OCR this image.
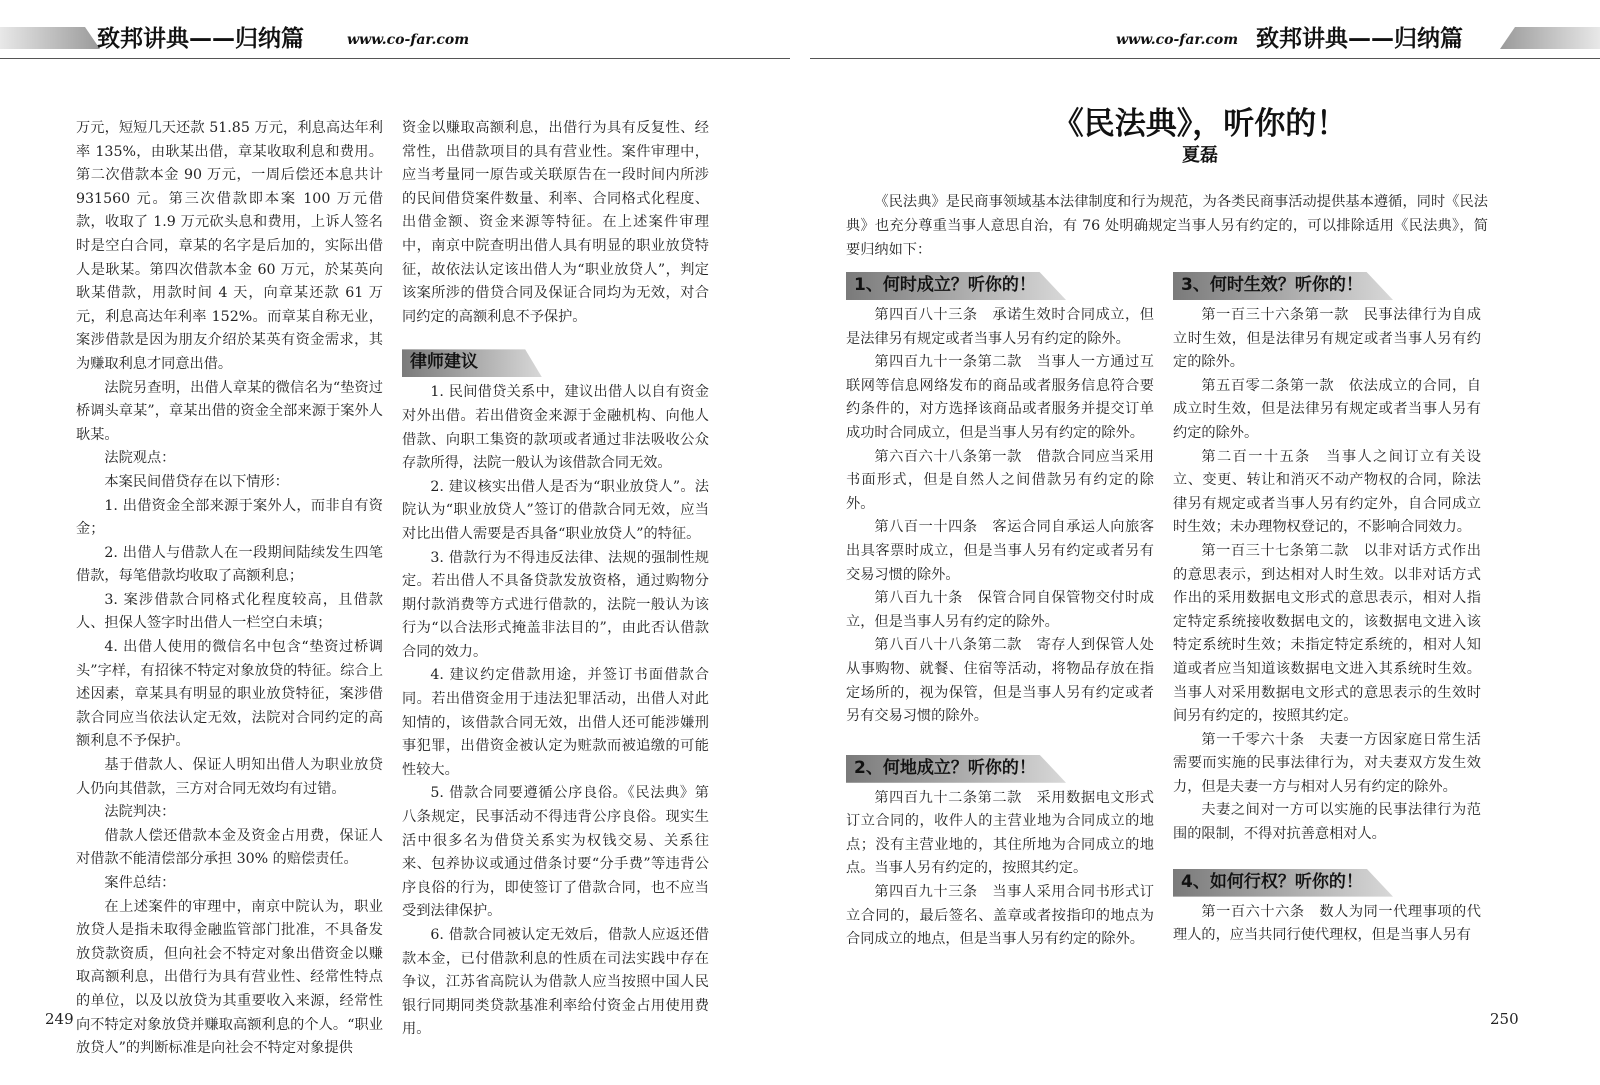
致邦讲典——归纳篇	www.co-far.com

万元，短短几天还款 51.85 万元，利息高达年利率 135%，由耿某出借，章某收取利息和费用。第二次借款本金 90 万元，一周后偿还本息共计 931560 元。第三次借款即本案 100 万元借款，收取了 1.9 万元砍头息和费用，上诉人签名时是空白合同，章某的名字是后加的，实际出借人是耿某。第四次借款本金 60 万元，於某英向耿某借款，用款时间 4 天，向章某还款 61 万元，利息高达年利率 152%。而章某自称无业，案涉借款是因为朋友介绍於某英有资金需求，其为赚取利息才同意出借。

法院另查明，出借人章某的微信名为“垫资过桥调头章某”，章某出借的资金全部来源于案外人耿某。

法院观点：

本案民间借贷存在以下情形：

1. 出借资金全部来源于案外人，而非自有资金；

2. 出借人与借款人在一段期间陆续发生四笔借款，每笔借款均收取了高额利息；

3. 案涉借款合同格式化程度较高，且借款人、担保人签字时出借人一栏空白未填；

4. 出借人使用的微信名中包含“垫资过桥调头”字样，有招徕不特定对象放贷的特征。综合上述因素，章某具有明显的职业放贷特征，案涉借款合同应当依法认定无效，法院对合同约定的高额利息不予保护。

基于借款人、保证人明知出借人为职业放贷人仍向其借款，三方对合同无效均有过错。

法院判决：

借款人偿还借款本金及资金占用费，保证人对借款不能清偿部分承担 30% 的赔偿责任。

案件总结：

在上述案件的审理中，南京中院认为，职业放贷人是指未取得金融监管部门批准，不具备发放贷款资质，但向社会不特定对象出借资金以赚取高额利息，出借行为具有营业性、经常性特点的单位，以及以放贷为其重要收入来源，经常性向不特定对象放贷并赚取高额利息的个人。“职业放贷人”的判断标准是向社会不特定对象提供

资金以赚取高额利息，出借行为具有反复性、经常性，出借款项目的具有营业性。案件审理中，应当考量同一原告或关联原告在一段时间内所涉的民间借贷案件数量、利率、合同格式化程度、出借金额、资金来源等特征。在上述案件审理中，南京中院查明出借人具有明显的职业放贷特征，故依法认定该出借人为“职业放贷人”，判定该案所涉的借贷合同及保证合同均为无效，对合同约定的高额利息不予保护。

律师建议

1. 民间借贷关系中，建议出借人以自有资金对外出借。若出借资金来源于金融机构、向他人借款、向职工集资的款项或者通过非法吸收公众存款所得，法院一般认为该借款合同无效。

2. 建议核实出借人是否为“职业放贷人”。法院认为“职业放贷人”签订的借款合同无效，应当对比出借人需要是否具备“职业放贷人”的特征。

3. 借款行为不得违反法律、法规的强制性规定。若出借人不具备贷款发放资格，通过购物分期付款消费等方式进行借款的，法院一般认为该行为“以合法形式掩盖非法目的”，由此否认借款合同的效力。

4. 建议约定借款用途，并签订书面借款合同。若出借资金用于违法犯罪活动，出借人对此知情的，该借款合同无效，出借人还可能涉嫌刑事犯罪，出借资金被认定为赃款而被追缴的可能性较大。

5. 借款合同要遵循公序良俗。《民法典》第八条规定，民事活动不得违背公序良俗。现实生活中很多名为借贷关系实为权钱交易、关系往来、包养协议或通过借条讨要“分手费”等违背公序良俗的行为，即使签订了借款合同，也不应当受到法律保护。

6. 借款合同被认定无效后，借款人应返还借款本金，已付借款利息的性质在司法实践中存在争议，江苏省高院认为借款人应当按照中国人民银行同期同类贷款基准利率给付资金占用使用费用。

249
www.co-far.com 致邦讲典——归纳篇
《民法典》，听你的！
夏磊

《民法典》是民商事领域基本法律制度和行为规范，为各类民商事活动提供基本遵循，同时《民法典》也充分尊重当事人意思自治，有 76 处明确规定当事人另有约定的，可以排除适用《民法典》，简要归纳如下：

1、何时成立？听你的！

第四百八十三条　承诺生效时合同成立，但是法律另有规定或者当事人另有约定的除外。

第四百九十一条第二款　当事人一方通过互联网等信息网络发布的商品或者服务信息符合要约条件的，对方选择该商品或者服务并提交订单成功时合同成立，但是当事人另有约定的除外。

第六百六十八条第一款　借款合同应当采用书面形式，但是自然人之间借款另有约定的除外。

第八百一十四条　客运合同自承运人向旅客出具客票时成立，但是当事人另有约定或者另有交易习惯的除外。

第八百九十条　保管合同自保管物交付时成立，但是当事人另有约定的除外。

第八百八十八条第二款　寄存人到保管人处从事购物、就餐、住宿等活动，将物品存放在指定场所的，视为保管，但是当事人另有约定或者另有交易习惯的除外。

2、何地成立？听你的！

第四百九十二条第二款　采用数据电文形式订立合同的，收件人的主营业地为合同成立的地点；没有主营业地的，其住所地为合同成立的地点。当事人另有约定的，按照其约定。

第四百九十三条　当事人采用合同书形式订立合同的，最后签名、盖章或者按指印的地点为合同成立的地点，但是当事人另有约定的除外。

3、何时生效？听你的！

第一百三十六条第一款　民事法律行为自成立时生效，但是法律另有规定或者当事人另有约定的除外。

第五百零二条第一款　依法成立的合同，自成立时生效，但是法律另有规定或者当事人另有约定的除外。

第二百一十五条　当事人之间订立有关设立、变更、转让和消灭不动产物权的合同，除法律另有规定或者当事人另有约定外，自合同成立时生效；未办理物权登记的，不影响合同效力。

第一百三十七条第二款　以非对话方式作出的意思表示，到达相对人时生效。以非对话方式作出的采用数据电文形式的意思表示，相对人指定特定系统接收数据电文的，该数据电文进入该特定系统时生效；未指定特定系统的，相对人知道或者应当知道该数据电文进入其系统时生效。当事人对采用数据电文形式的意思表示的生效时间另有约定的，按照其约定。

第一千零六十条　夫妻一方因家庭日常生活需要而实施的民事法律行为，对夫妻双方发生效力，但是夫妻一方与相对人另有约定的除外。

夫妻之间对一方可以实施的民事法律行为范围的限制，不得对抗善意相对人。

4、如何行权？听你的！

第一百六十六条　数人为同一代理事项的代理人的，应当共同行使代理权，但是当事人另有

250
